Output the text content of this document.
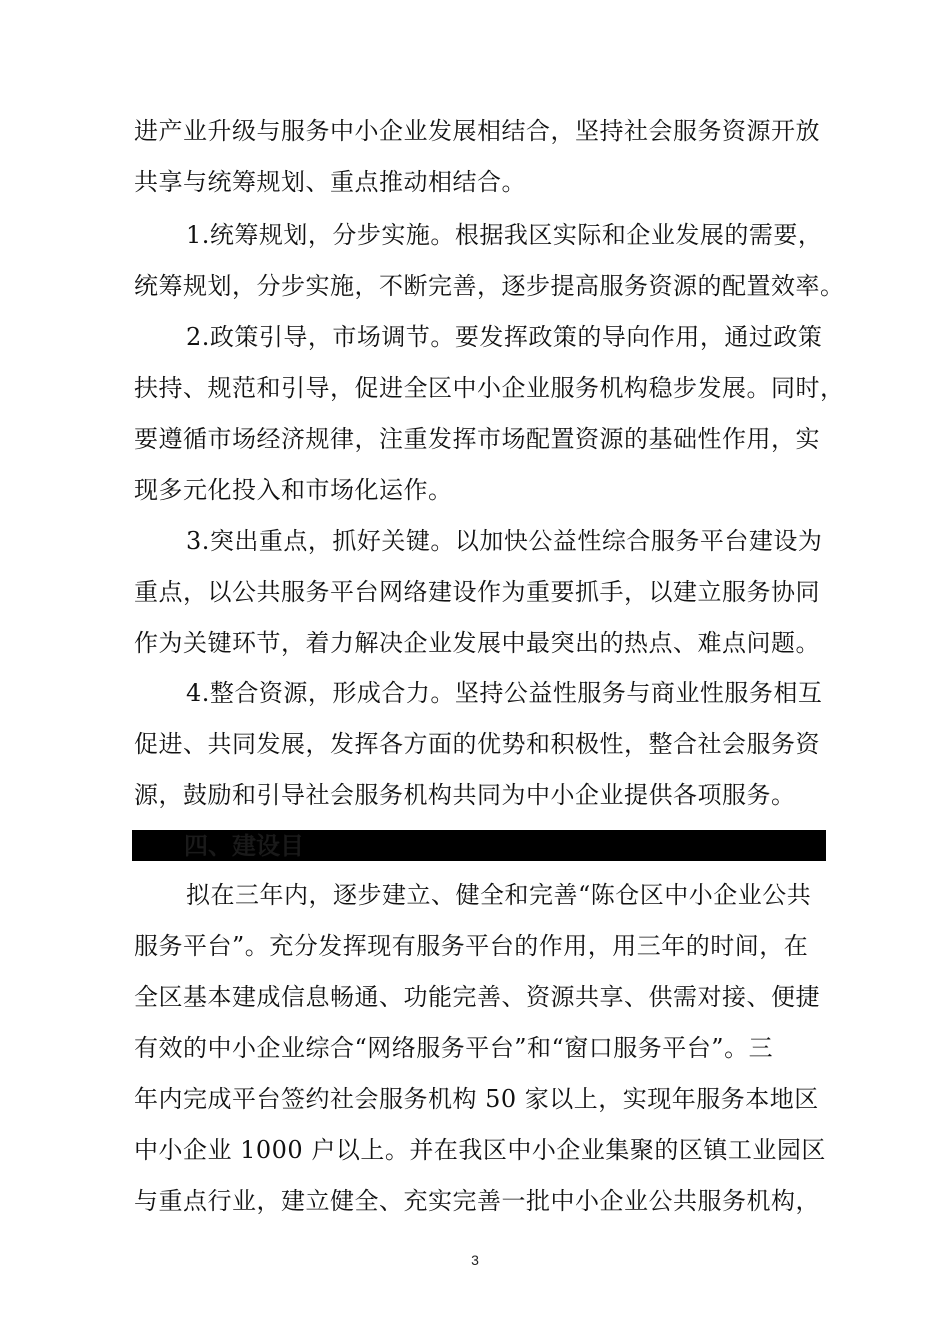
进产业升级与服务中小企业发展相结合，坚持社会服务资源开放
共享与统筹规划、重点推动相结合。
1.统筹规划，分步实施。根据我区实际和企业发展的需要，
统筹规划，分步实施，不断完善，逐步提高服务资源的配置效率。
2.政策引导，市场调节。要发挥政策的导向作用，通过政策
扶持、规范和引导，促进全区中小企业服务机构稳步发展。同时，
要遵循市场经济规律，注重发挥市场配置资源的基础性作用，实
现多元化投入和市场化运作。
3.突出重点，抓好关键。以加快公益性综合服务平台建设为
重点，以公共服务平台网络建设作为重要抓手，以建立服务协同
作为关键环节，着力解决企业发展中最突出的热点、难点问题。
4.整合资源，形成合力。坚持公益性服务与商业性服务相互
促进、共同发展，发挥各方面的优势和积极性，整合社会服务资
源，鼓励和引导社会服务机构共同为中小企业提供各项服务。
四、建设目
拟在三年内，逐步建立、健全和完善“陈仓区中小企业公共
服务平台”。充分发挥现有服务平台的作用，用三年的时间，在
全区基本建成信息畅通、功能完善、资源共享、供需对接、便捷
有效的中小企业综合“网络服务平台”和“窗口服务平台”。三
年内完成平台签约社会服务机构 50 家以上，实现年服务本地区
中小企业 1000 户以上。并在我区中小企业集聚的区镇工业园区
与重点行业，建立健全、充实完善一批中小企业公共服务机构，
3
